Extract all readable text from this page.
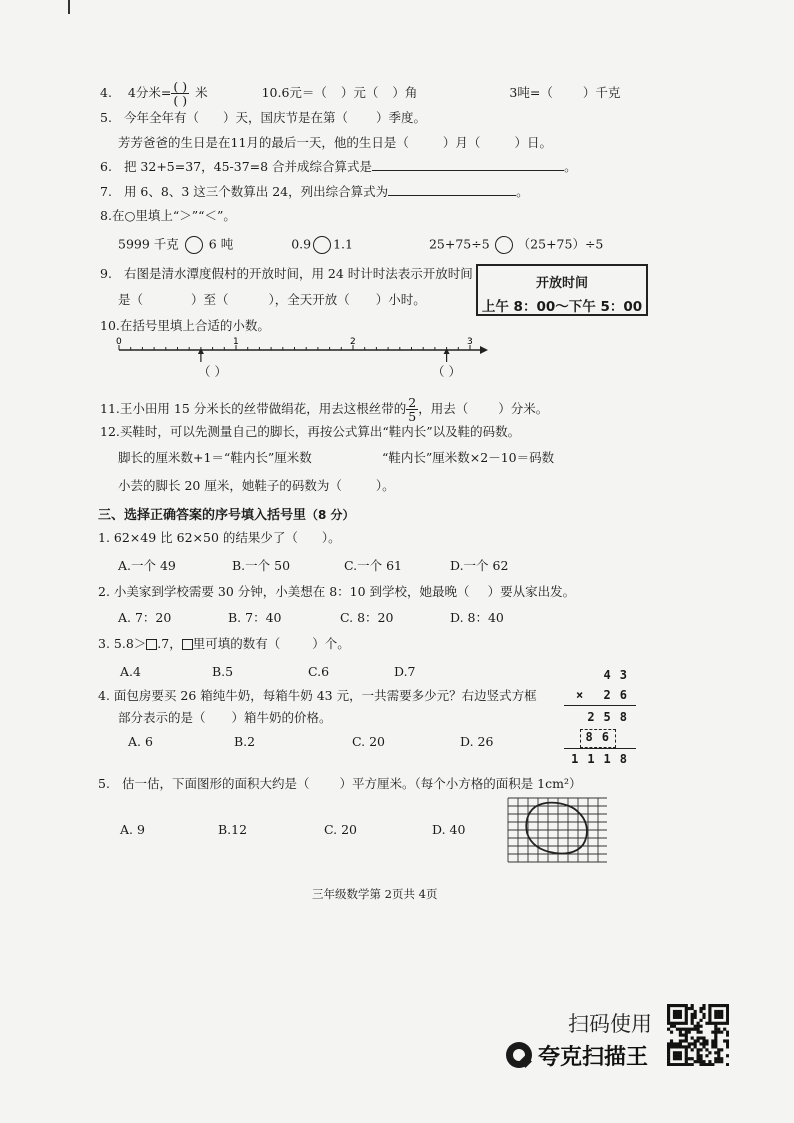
4. 4分米= $\frac{( )}{( )}$ 米	10.6元＝（ ）元（ ）角	3吨=（ ）千克
5. 今年全年有（ ）天，国庆节是在第（ ）季度。
芳芳爸爸的生日是在11月的最后一天，他的生日是（	）月（	）日。
6. 把 32+5=37，45-37=8 合并成综合算式是	。
7. 用 6、8、3 这三个数算出 24，列出综合算式为	。
8.在○里填上“＞”“＜”。
5999 千克 6 吨	0.9 1.1	25+75÷5 （25+75）÷5
9. 右图是清水潭度假村的开放时间，用 24 时计时法表示开放时间
是（	）至（	），全天开放（ ）小时。
开放时间
上午 8：00～下午 5：00
10.在括号里填上合适的小数。
0	1	2	3
（ ）	（ ）
11.王小田用 15 分米长的丝带做绢花，用去这根丝带的 $\frac{2}{5}$ ，用去（ ）分米。
12.买鞋时，可以先测量自己的脚长，再按公式算出“鞋内长”以及鞋的码数。
脚长的厘米数+1＝“鞋内长”厘米数	“鞋内长”厘米数×2－10＝码数
小芸的脚长 20 厘米，她鞋子的码数为（	）。
三、选择正确答案的序号填入括号里（8 分）
1. 62×49 比 62×50 的结果少了（ ）。
A.一个 49	B.一个 50	C.一个 61	D.一个 62
2. 小美家到学校需要 30 分钟，小美想在 8：10 到学校，她最晚（ ）要从家出发。
A. 7：20	B. 7：40	C. 8：20	D. 8：40
3. 5.8＞ .7， 里可填的数有（	）个。
A.4	B.5	C.6	D.7
4. 面包房要买 26 箱纯牛奶，每箱牛奶 43 元，一共需要多少元？右边竖式方框
部分表示的是（ ）箱牛奶的价格。
A. 6	B.2	C. 20	D. 26
43
×	26
258
86
1118
5. 估一估，下面图形的面积大约是（ ）平方厘米。（每个小方格的面积是 1cm²）
A. 9	B.12	C. 20	D. 40
三年级数学第 2页共 4页
扫码使用
夸克扫描王
